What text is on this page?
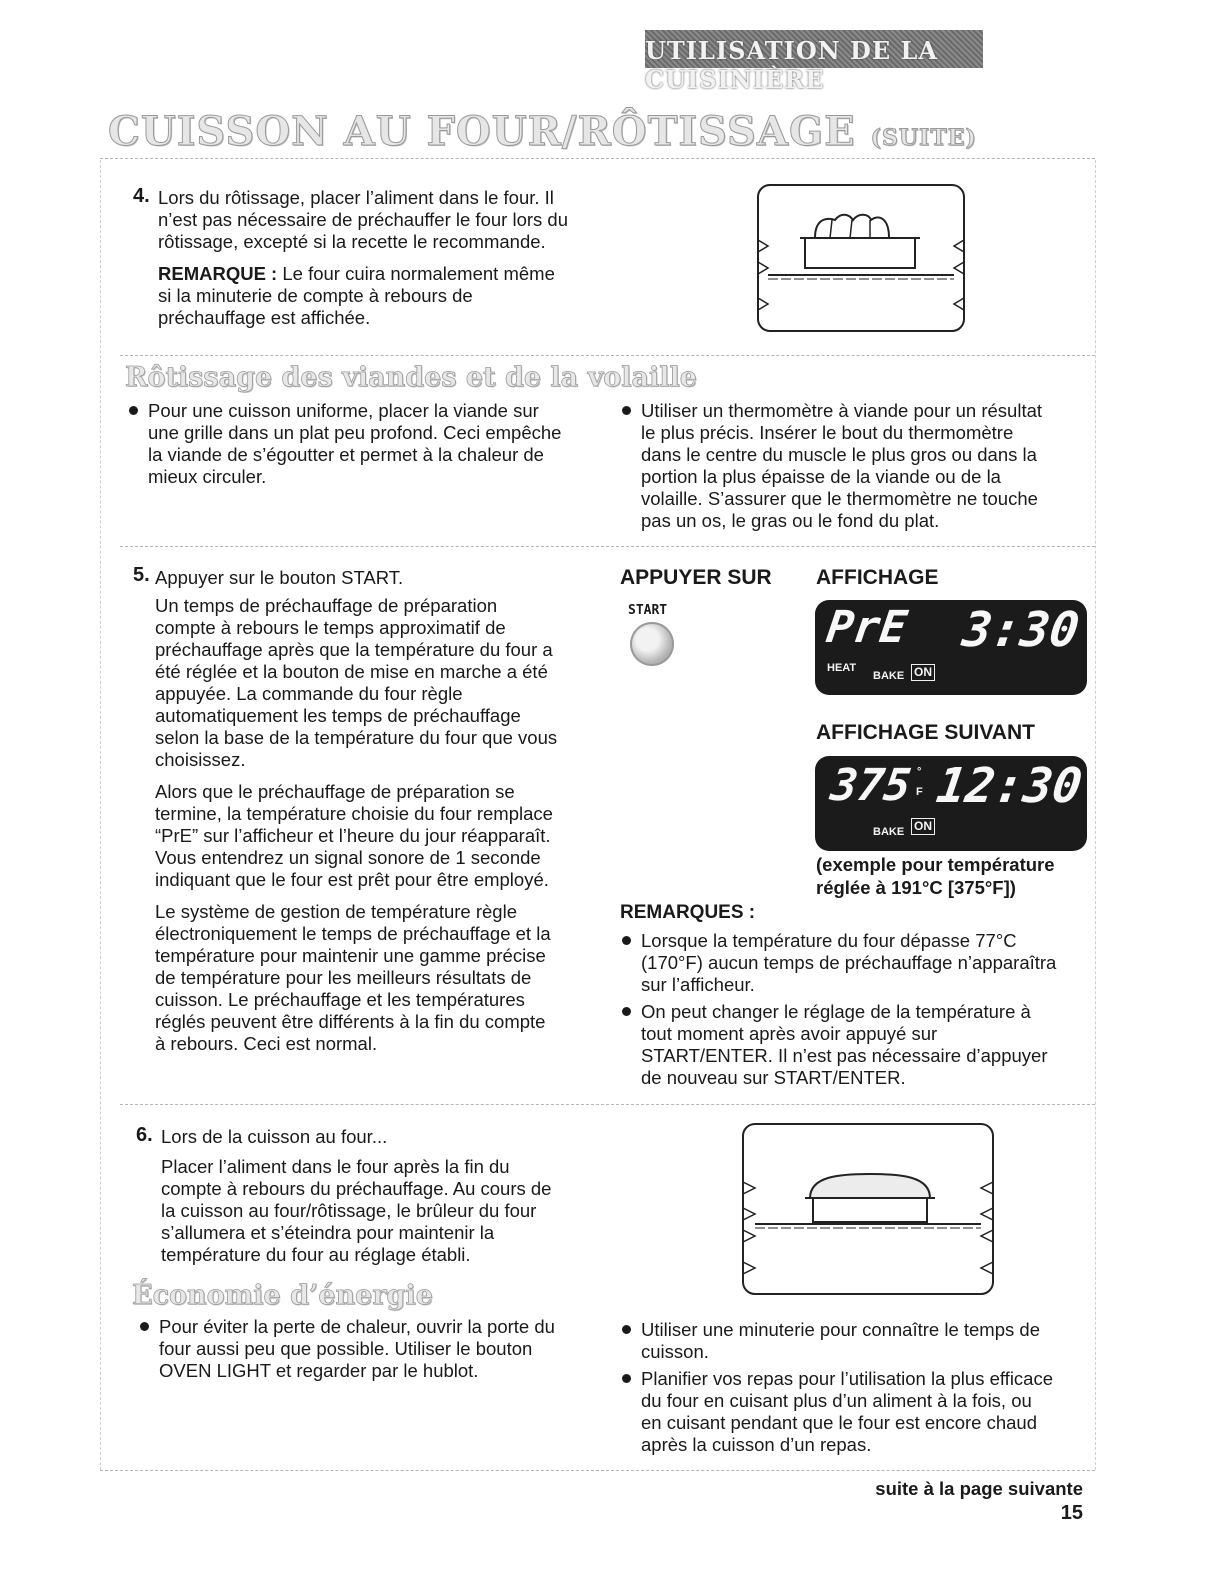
UTILISATION DE LA CUISINIÈRE
CUISSON AU FOUR/RÔTISSAGE (SUITE)
4. Lors du rôtissage, placer l’aliment dans le four. Il
n’est pas nécessaire de préchauffer le four lors du
rôtissage, excepté si la recette le recommande.
REMARQUE : Le four cuira normalement même
si la minuterie de compte à rebours de
préchauffage est affichée.
Rôtissage des viandes et de la volaille
Pour une cuisson uniforme, placer la viande sur
une grille dans un plat peu profond. Ceci empêche
la viande de s’égoutter et permet à la chaleur de
mieux circuler.
Utiliser un thermomètre à viande pour un résultat
le plus précis. Insérer le bout du thermomètre
dans le centre du muscle le plus gros ou dans la
portion la plus épaisse de la viande ou de la
volaille. S’assurer que le thermomètre ne touche
pas un os, le gras ou le fond du plat.
5. Appuyer sur le bouton START.
Un temps de préchauffage de préparation
compte à rebours le temps approximatif de
préchauffage après que la température du four a
été réglée et la bouton de mise en marche a été
appuyée. La commande du four règle
automatiquement les temps de préchauffage
selon la base de la température du four que vous
choisissez.
Alors que le préchauffage de préparation se
termine, la température choisie du four remplace
“PrE” sur l’afficheur et l’heure du jour réapparaît.
Vous entendrez un signal sonore de 1 seconde
indiquant que le four est prêt pour être employé.
Le système de gestion de température règle
électroniquement le temps de préchauffage et la
température pour maintenir une gamme précise
de température pour les meilleurs résultats de
cuisson. Le préchauffage et les températures
réglés peuvent être différents à la fin du compte
à rebours. Ceci est normal.
APPUYER SUR AFFICHAGE
START	PrE 3:30
HEAT
BAKE ON
AFFICHAGE SUIVANT
375 °
F 12:30
BAKE ON
(exemple pour température
réglée à 191°C [375°F])
REMARQUES :
Lorsque la température du four dépasse 77°C
(170°F) aucun temps de préchauffage n’apparaîtra
sur l’afficheur.
On peut changer le réglage de la température à
tout moment après avoir appuyé sur
START/ENTER. Il n’est pas nécessaire d’appuyer
de nouveau sur START/ENTER.
6. Lors de la cuisson au four...
Placer l’aliment dans le four après la fin du
compte à rebours du préchauffage. Au cours de
la cuisson au four/rôtissage, le brûleur du four
s’allumera et s’éteindra pour maintenir la
température du four au réglage établi.
Économie d’énergie
Pour éviter la perte de chaleur, ouvrir la porte du
four aussi peu que possible. Utiliser le bouton
OVEN LIGHT et regarder par le hublot.
Utiliser une minuterie pour connaître le temps de
cuisson.
Planifier vos repas pour l’utilisation la plus efficace
du four en cuisant plus d’un aliment à la fois, ou
en cuisant pendant que le four est encore chaud
après la cuisson d’un repas.
suite à la page suivante
15
